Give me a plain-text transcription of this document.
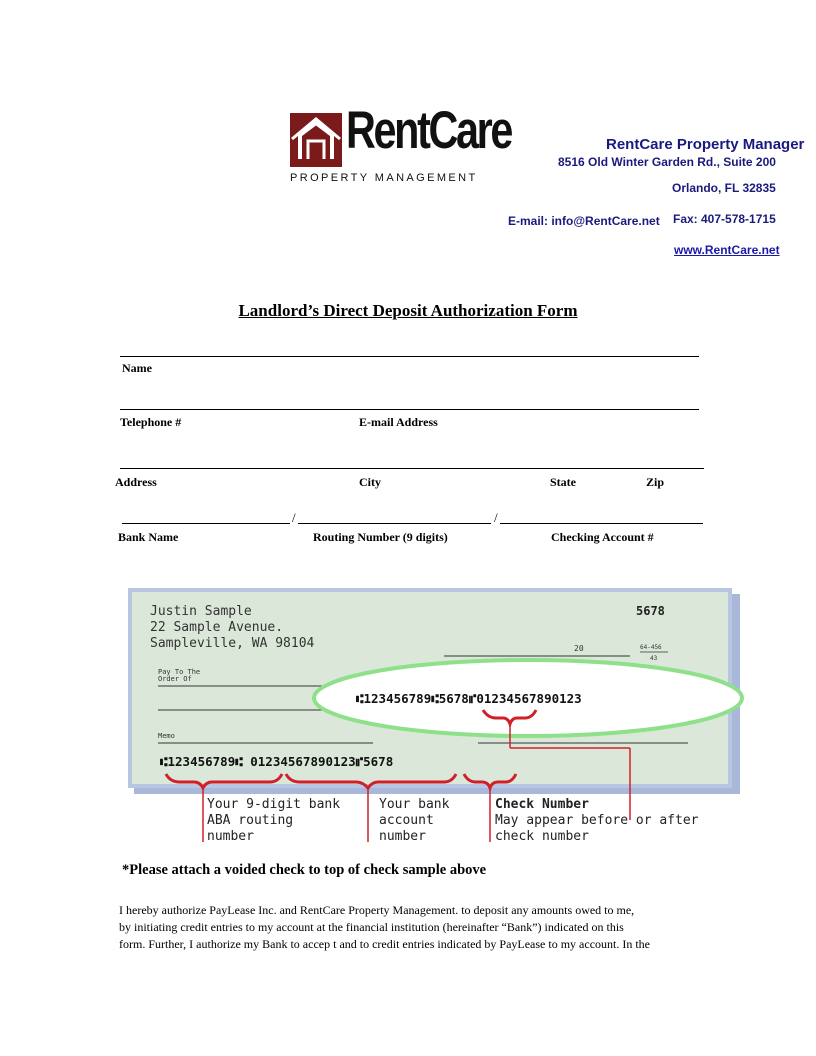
RentCare
PROPERTY MANAGEMENT
RentCare Property Manager
8516 Old Winter Garden Rd., Suite 200
Orlando, FL 32835
E-mail: info@RentCare.net Fax: 407-578-1715
www.RentCare.net
Landlord’s Direct Deposit Authorization Form
Name
Telephone #	E-mail Address
Address	City	State	Zip
/	/
Bank Name	Routing Number (9 digits)	Checking Account #
Justin Sample
22 Sample Avenue.
Sampleville, WA 98104
5678
20	64-456
43
Pay To The
Order Of
Memo
⑆123456789⑆ 01234567890123⑈5678
⑆123456789⑆5678⑈01234567890123
Your 9-digit bank
ABA routing
number
Your bank
account
number
Check Number
May appear before or after
check number
*Please attach a voided check to top of check sample above

I hereby authorize PayLease Inc. and RentCare Property Management. to deposit any amounts owed to me,

by initiating credit entries to my account at the financial institution (hereinafter “Bank”) indicated on this

form. Further, I authorize my Bank to accep t and to credit entries indicated by PayLease to my account. In the
